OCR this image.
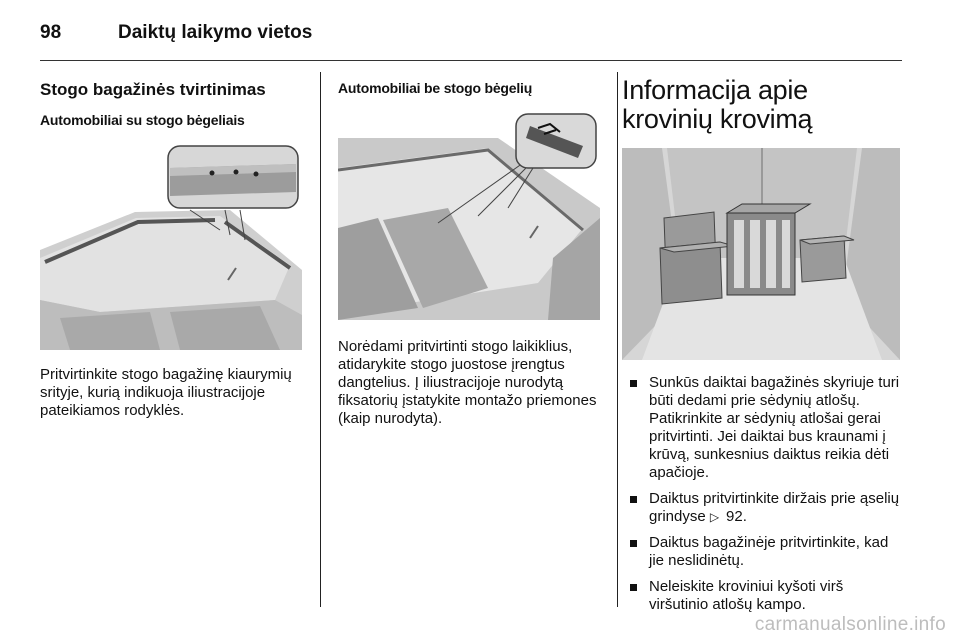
98	Daiktų laikymo vietos
Stogo bagažinės tvirtinimas
Automobiliai su stogo bėgeliais

Pritvirtinkite stogo bagažinę kiaurymių srityje, kurią indikuoja iliustracijoje pateikiamos rodyklės.

Automobiliai be stogo bėgelių

Norėdami pritvirtinti stogo laikiklius, atidarykite stogo juostose įrengtus dangtelius. Į iliustracijoje nurodytą fiksatorių įstatykite montažo priemones (kaip nurodyta).

Informacija apie
krovinių krovimą
Sunkūs daiktai bagažinės skyriuje turi būti dedami prie sėdynių atlošų. Patikrinkite ar sėdynių atlošai gerai pritvirtinti. Jei daiktai bus kraunami į krūvą, sunkesnius daiktus reikia dėti apačioje.
Daiktus pritvirtinkite diržais prie ąselių grindyse ▷ 92.
Daiktus bagažinėje pritvirtinkite, kad jie neslidinėtų.
Neleiskite kroviniui kyšoti virš viršutinio atlošų kampo.
carmanualsonline.info
